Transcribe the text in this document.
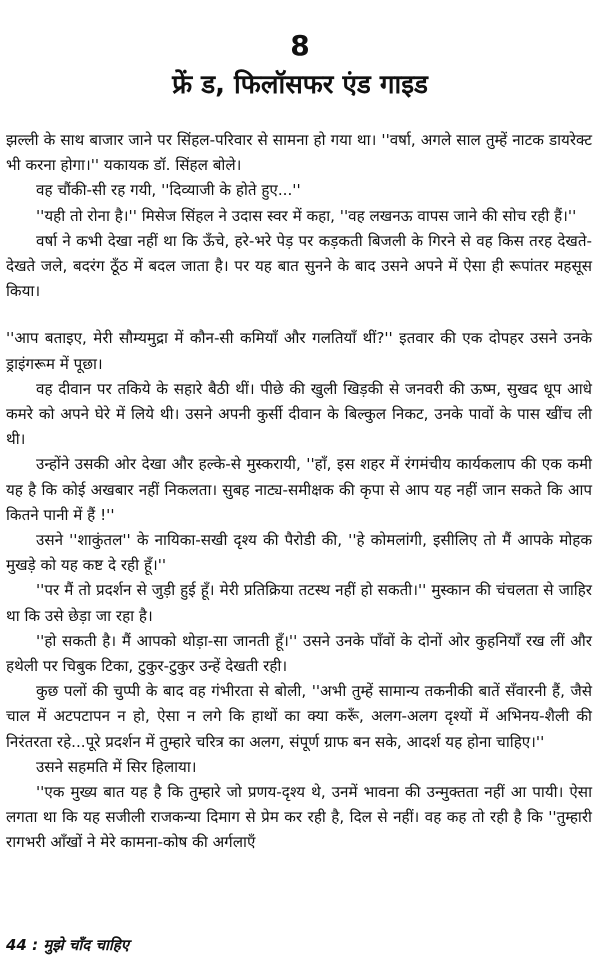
8
फ्रें ड, फिलॉसफर एंड गाइड

झल्ली के साथ बाजार जाने पर सिंहल-परिवार से सामना हो गया था। ''वर्षा, अगले साल तुम्हें नाटक डायरेक्ट भी करना होगा।'' यकायक डॉ. सिंहल बोले।

वह चौंकी-सी रह गयी, ''दिव्याजी के होते हुए...''

''यही तो रोना है।'' मिसेज सिंहल ने उदास स्वर में कहा, ''वह लखनऊ वापस जाने की सोच रही हैं।''

वर्षा ने कभी देखा नहीं था कि ऊँचे, हरे-भरे पेड़ पर कड़कती बिजली के गिरने से वह किस तरह देखते-देखते जले, बदरंग ठूँठ में बदल जाता है। पर यह बात सुनने के बाद उसने अपने में ऐसा ही रूपांतर महसूस किया।

''आप बताइए, मेरी सौम्यमुद्रा में कौन-सी कमियाँ और गलतियाँ थीं?'' इतवार की एक दोपहर उसने उनके ड्राइंगरूम में पूछा।

वह दीवान पर तकिये के सहारे बैठी थीं। पीछे की खुली खिड़की से जनवरी की ऊष्म, सुखद धूप आधे कमरे को अपने घेरे में लिये थी। उसने अपनी कुर्सी दीवान के बिल्कुल निकट, उनके पावों के पास खींच ली थी।

उन्होंने उसकी ओर देखा और हल्के-से मुस्करायी, ''हाँ, इस शहर में रंगमंचीय कार्यकलाप की एक कमी यह है कि कोई अखबार नहीं निकलता। सुबह नाट्य-समीक्षक की कृपा से आप यह नहीं जान सकते कि आप कितने पानी में हैं !''

उसने ''शाकुंतल'' के नायिका-सखी दृश्य की पैरोडी की, ''हे कोमलांगी, इसीलिए तो मैं आपके मोहक मुखड़े को यह कष्ट दे रही हूँ।''

''पर मैं तो प्रदर्शन से जुड़ी हुई हूँ। मेरी प्रतिक्रिया तटस्थ नहीं हो सकती।'' मुस्कान की चंचलता से जाहिर था कि उसे छेड़ा जा रहा है।

''हो सकती है। मैं आपको थोड़ा-सा जानती हूँ।'' उसने उनके पाँवों के दोनों ओर कुहनियाँ रख लीं और हथेली पर चिबुक टिका, टुकुर-टुकुर उन्हें देखती रही।

कुछ पलों की चुप्पी के बाद वह गंभीरता से बोली, ''अभी तुम्हें सामान्य तकनीकी बातें सँवारनी हैं, जैसे चाल में अटपटापन न हो, ऐसा न लगे कि हाथों का क्या करूँ, अलग-अलग दृश्यों में अभिनय-शैली की निरंतरता रहे...पूरे प्रदर्शन में तुम्हारे चरित्र का अलग, संपूर्ण ग्राफ बन सके, आदर्श यह होना चाहिए।''

उसने सहमति में सिर हिलाया।

''एक मुख्य बात यह है कि तुम्हारे जो प्रणय-दृश्य थे, उनमें भावना की उन्मुक्तता नहीं आ पायी। ऐसा लगता था कि यह सजीली राजकन्या दिमाग से प्रेम कर रही है, दिल से नहीं। वह कह तो रही है कि ''तुम्हारी रागभरी आँखों ने मेरे कामना-कोष की अर्गलाएँ

44 : मुझे चाँद चाहिए
